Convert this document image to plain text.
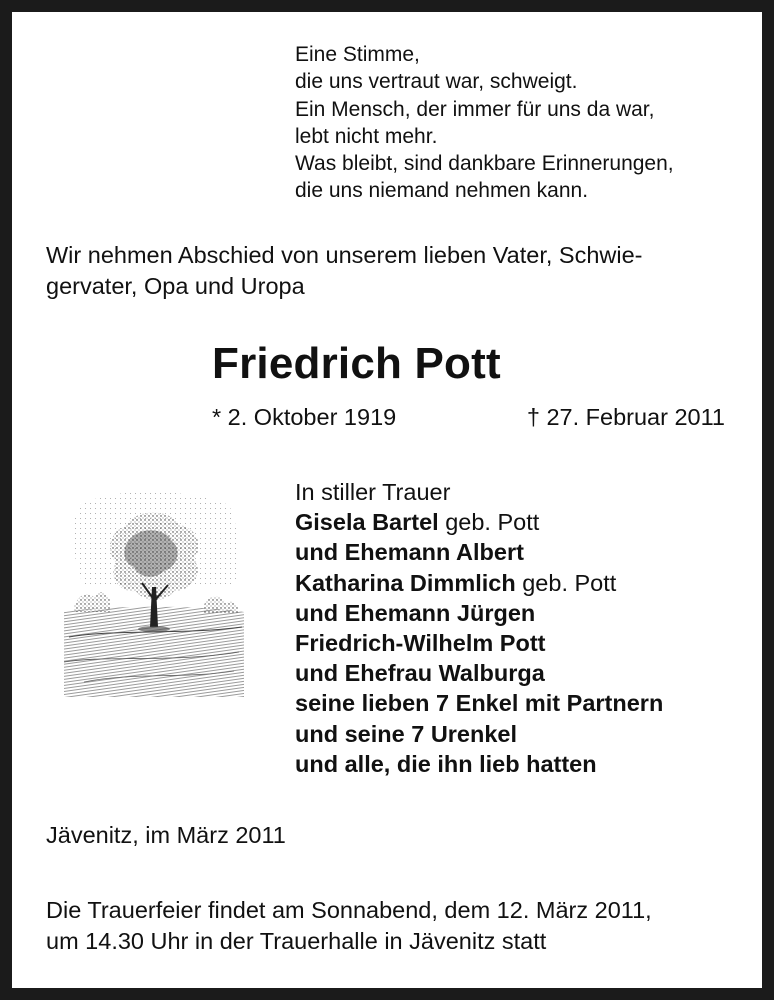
Eine Stimme,
die uns vertraut war, schweigt.
Ein Mensch, der immer für uns da war,
lebt nicht mehr.
Was bleibt, sind dankbare Erinnerungen,
die uns niemand nehmen kann.
Wir nehmen Abschied von unserem lieben Vater, Schwie-
gervater, Opa und Uropa
Friedrich Pott
* 2. Oktober 1919	† 27. Februar 2011
In stiller Trauer
Gisela Bartel geb. Pott
und Ehemann Albert
Katharina Dimmlich geb. Pott
und Ehemann Jürgen
Friedrich-Wilhelm Pott
und Ehefrau Walburga
seine lieben 7 Enkel mit Partnern
und seine 7 Urenkel
und alle, die ihn lieb hatten
Jävenitz, im März 2011
Die Trauerfeier findet am Sonnabend, dem 12. März 2011,
um 14.30 Uhr in der Trauerhalle in Jävenitz statt
